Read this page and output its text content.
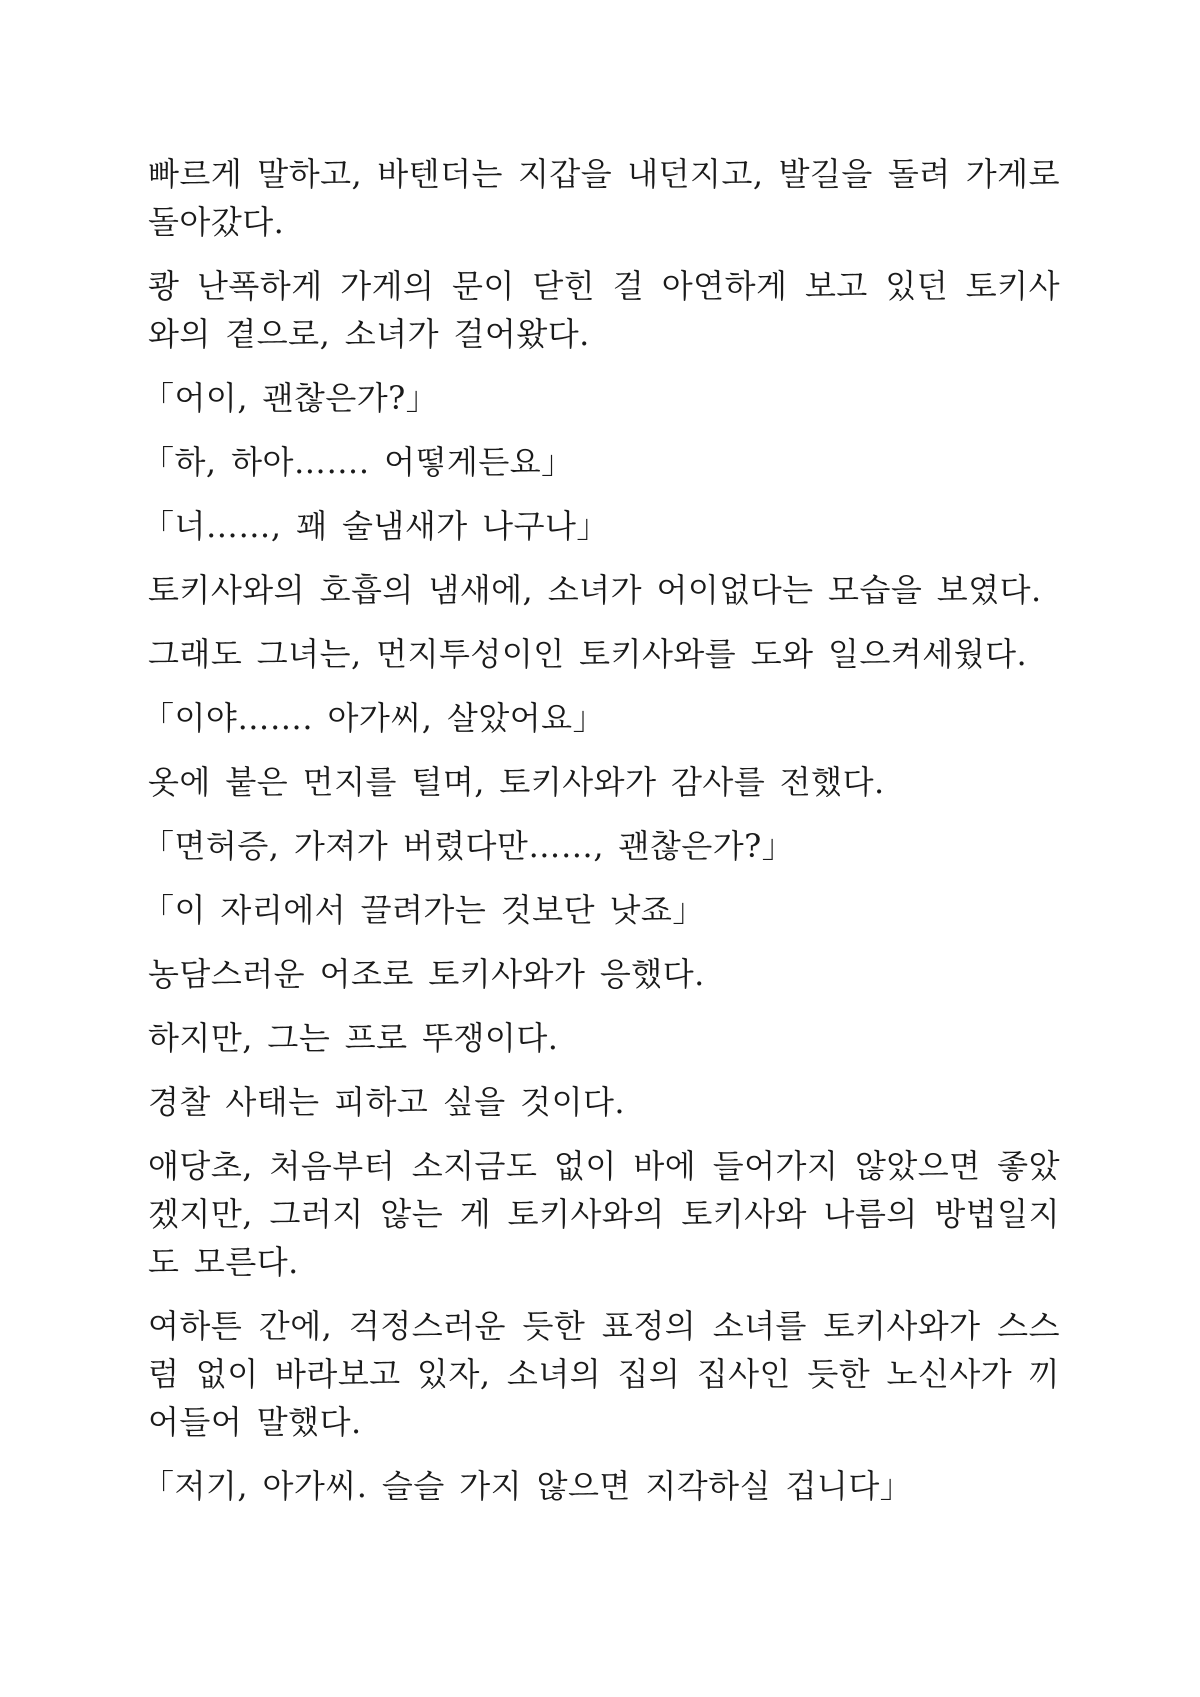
빠르게 말하고, 바텐더는 지갑을 내던지고, 발길을 돌려 가게로 돌아갔다.

쾅 난폭하게 가게의 문이 닫힌 걸 아연하게 보고 있던 토키사와의 곁으로, 소녀가 걸어왔다.

「어이, 괜찮은가?」

「하, 하아……. 어떻게든요」

「너……, 꽤 술냄새가 나구나」

토키사와의 호흡의 냄새에, 소녀가 어이없다는 모습을 보였다.

그래도 그녀는, 먼지투성이인 토키사와를 도와 일으켜세웠다.

「이야……. 아가씨, 살았어요」

옷에 붙은 먼지를 털며, 토키사와가 감사를 전했다.

「면허증, 가져가 버렸다만……, 괜찮은가?」

「이 자리에서 끌려가는 것보단 낫죠」

농담스러운 어조로 토키사와가 응했다.

하지만, 그는 프로 뚜쟁이다.

경찰 사태는 피하고 싶을 것이다.

애당초, 처음부터 소지금도 없이 바에 들어가지 않았으면 좋았겠지만, 그러지 않는 게 토키사와의 토키사와 나름의 방법일지도 모른다.

여하튼 간에, 걱정스러운 듯한 표정의 소녀를 토키사와가 스스럼 없이 바라보고 있자, 소녀의 집의 집사인 듯한 노신사가 끼어들어 말했다.

「저기, 아가씨. 슬슬 가지 않으면 지각하실 겁니다」
